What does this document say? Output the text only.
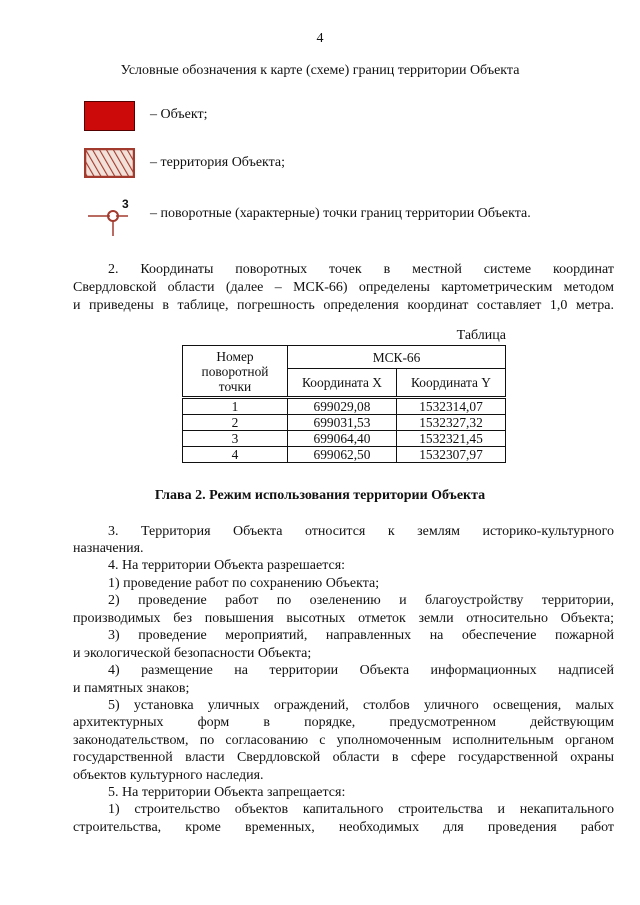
4
Условные обозначения к карте (схеме) границ территории Объекта
– Объект;
– территория Объекта;
3
– поворотные (характерные) точки границ территории Объекта.
2. Координаты поворотных точек в местной системе координат
Свердловской области (далее – МСК-66) определены картометрическим методом
и приведены в таблице, погрешность определения координат составляет 1,0 метра.
Таблица
Номер
поворотной
точки	МСК-66	
	Координата X	Координата Y
1	699029,08	1532314,07
2	699031,53	1532327,32
3	699064,40	1532321,45
4	699062,50	1532307,97
Глава 2. Режим использования территории Объекта
3. Территория Объекта относится к землям историко-культурного
назначения.
4. На территории Объекта разрешается:
1) проведение работ по сохранению Объекта;
2) проведение работ по озеленению и благоустройству территории,
производимых без повышения высотных отметок земли относительно Объекта;
3) проведение мероприятий, направленных на обеспечение пожарной
и экологической безопасности Объекта;
4) размещение на территории Объекта информационных надписей
и памятных знаков;
5) установка уличных ограждений, столбов уличного освещения, малых
архитектурных форм в порядке, предусмотренном действующим
законодательством, по согласованию с уполномоченным исполнительным органом
государственной власти Свердловской области в сфере государственной охраны
объектов культурного наследия.
5. На территории Объекта запрещается:
1) строительство объектов капитального строительства и некапитального
строительства, кроме временных, необходимых для проведения работ
